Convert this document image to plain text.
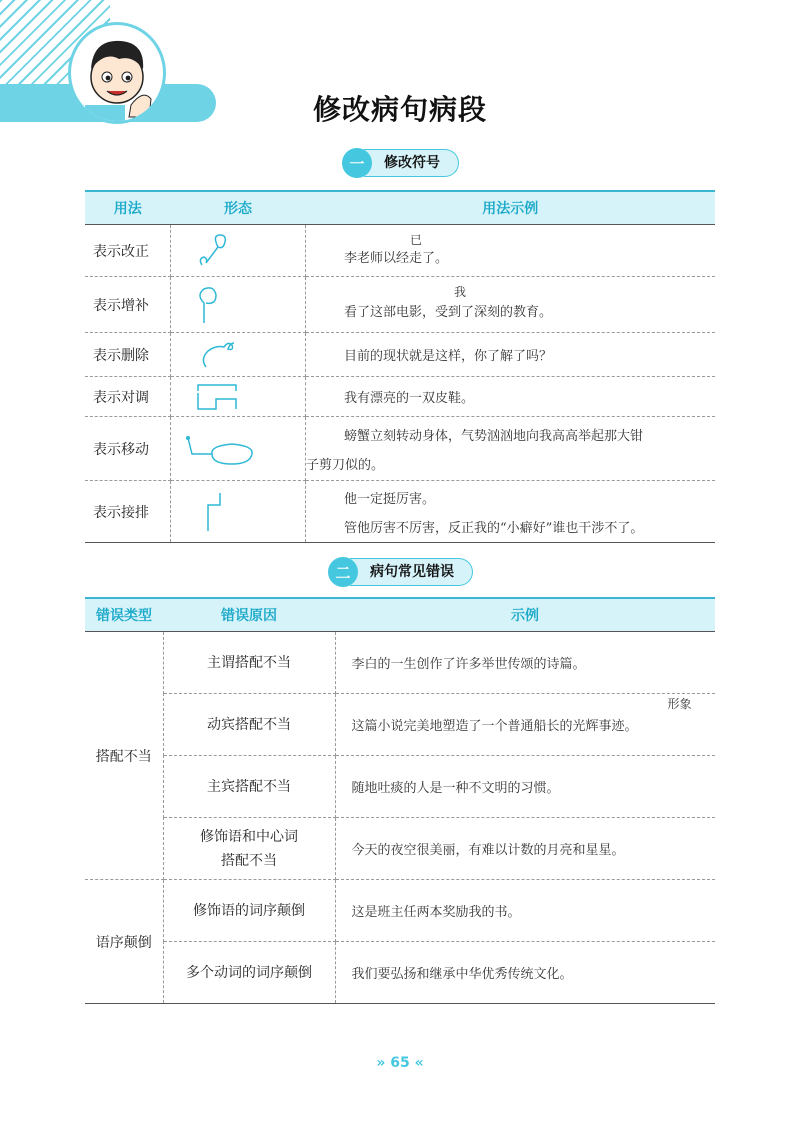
修改病句病段
一	修改符号
用法	形态	用法示例
表示改正		已
李老师以经走了。

表示增补		我
看了这部电影，受到了深刻的教育。

表示删除		目前的现状就是这样，你了解了吗？

表示对调		我有漂亮的一双皮鞋。

表示移动		螃蟹立刻转动身体，气势汹汹地向我高高举起那大钳
子剪刀似的。

表示接排		他一定挺厉害。
管他厉害不厉害，反正我的“小癖好”谁也干涉不了。
二	病句常见错误
错误类型	错误原因	示例
搭配不当	主谓搭配不当	李白的一生创作了许多举世传颂的诗篇。
	动宾搭配不当	形象
这篇小说完美地塑造了一个普通船长的光辉事迹。

	主宾搭配不当	随地吐痰的人是一种不文明的习惯。

	修饰语和中心词
搭配不当	今天的夜空很美丽，有难以计数的月亮和星星。
语序颠倒	修饰语的词序颠倒	这是班主任两本奖励我的书。
	多个动词的词序颠倒	我们要弘扬和继承中华优秀传统文化。
» 65 «
